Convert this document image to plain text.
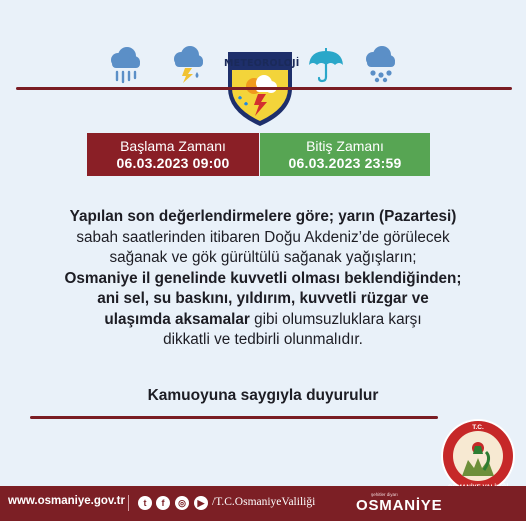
METEOROLOJİ
Başlama Zamanı
06.03.2023 09:00
Bitiş Zamanı
06.03.2023 23:59
Yapılan son değerlendirmelere göre; yarın (Pazartesi)
sabah saatlerinden itibaren Doğu Akdeniz’de görülecek
sağanak ve gök gürültülü sağanak yağışların;
Osmaniye il genelinde kuvvetli olması beklendiğinden;
ani sel, su baskını, yıldırım, kuvvetli rüzgar ve
ulaşımda aksamalar gibi olumsuzluklara karşı
dikkatli ve tedbirli olunmalıdır.
Kamuoyuna saygıyla duyurulur
T.C.
www.osmaniye.gov.tr	t	f	◎	▶ /T.C.OsmaniyeValiliği
şehitler diyarı
OSMANİYE
